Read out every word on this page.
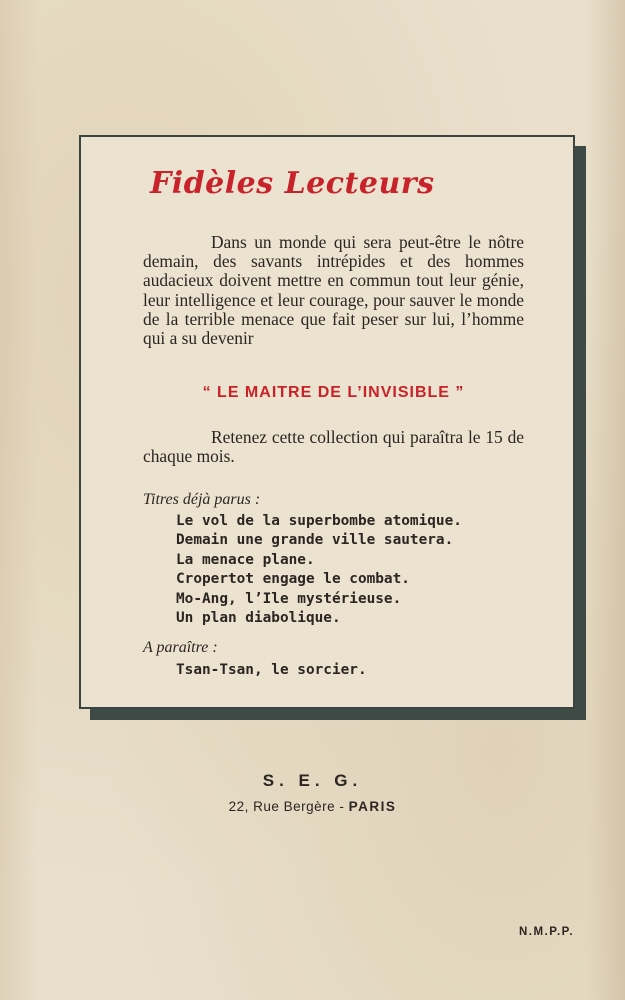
Fidèles Lecteurs

Dans un monde qui sera peut-être le nôtre demain, des savants intrépides et des hommes audacieux doivent mettre en commun tout leur génie, leur intelligence et leur courage, pour sauver le monde de la terrible menace que fait peser sur lui, l’homme qui a su devenir

“ LE MAITRE DE L’INVISIBLE ”

Retenez cette collection qui paraîtra le 15 de chaque mois.

Titres déjà parus :
Le vol de la superbombe atomique.
Demain une grande ville sautera.
La menace plane.
Cropertot engage le combat.
Mo-Ang, l’Ile mystérieuse.
Un plan diabolique.
A paraître :
Tsan-Tsan, le sorcier.
S. E. G.
22, Rue Bergère - PARIS
N.M.P.P.
